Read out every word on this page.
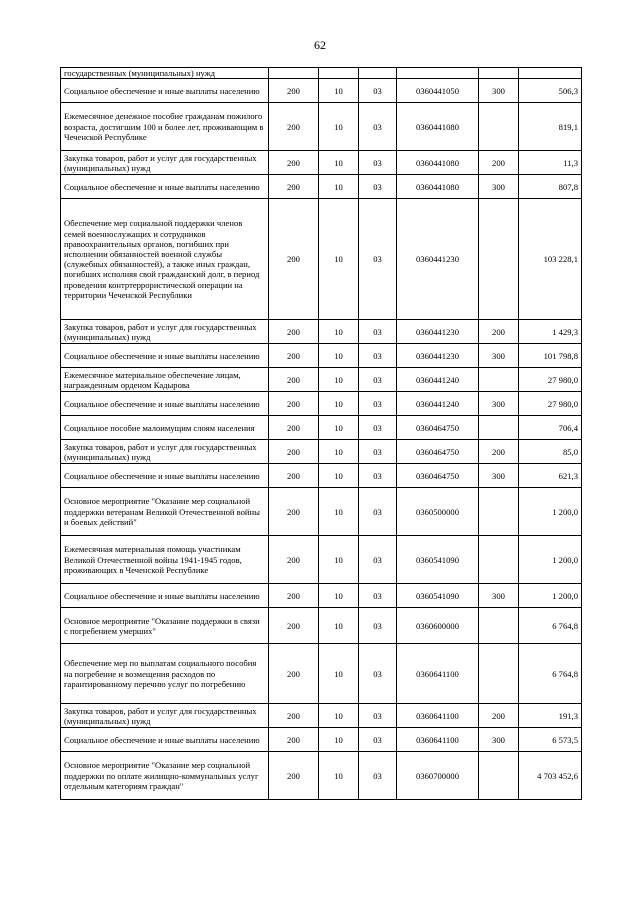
62
государственных (муниципальных) нужд						
Социальное обеспечение и иные выплаты населению	200	10	03	0360441050	300	506,3
Ежемесячное денежное пособие гражданам пожилого возраста, достигшим 100 и более лет, проживающим в Чеченской Республике	200	10	03	0360441080		819,1
Закупка товаров, работ и услуг для государственных (муниципальных) нужд	200	10	03	0360441080	200	11,3
Социальное обеспечение и иные выплаты населению	200	10	03	0360441080	300	807,8
Обеспечение мер социальной поддержки членов семей военнослужащих и сотрудников правоохранительных органов, погибших при исполнении обязанностей военной службы (служебных обязанностей), а также иных граждан, погибших исполняя свой гражданский долг, в период проведения контртеррористической операции на территории Чеченской Республики	200	10	03	0360441230		103 228,1
Закупка товаров, работ и услуг для государственных (муниципальных) нужд	200	10	03	0360441230	200	1 429,3
Социальное обеспечение и иные выплаты населению	200	10	03	0360441230	300	101 798,8
Ежемесячное материальное обеспечение лицам, награжденным орденом Кадырова	200	10	03	0360441240		27 980,0
Социальное обеспечение и иные выплаты населению	200	10	03	0360441240	300	27 980,0
Социальное пособие малоимущим слоям населения	200	10	03	0360464750		706,4
Закупка товаров, работ и услуг для государственных (муниципальных) нужд	200	10	03	0360464750	200	85,0
Социальное обеспечение и иные выплаты населению	200	10	03	0360464750	300	621,3
Основное мероприятие "Оказание мер социальной поддержки ветеранам Великой Отечественной войны и боевых действий"	200	10	03	0360500000		1 200,0
Ежемесячная материальная помощь участникам Великой Отечественной войны 1941-1945 годов, проживающих в Чеченской Республике	200	10	03	0360541090		1 200,0
Социальное обеспечение и иные выплаты населению	200	10	03	0360541090	300	1 200,0
Основное мероприятие "Оказание поддержки в связи с погребением умерших"	200	10	03	0360600000		6 764,8
Обеспечение мер по выплатам социального пособия на погребение и возмещения расходов по гарантированному перечню услуг по погребению	200	10	03	0360641100		6 764,8
Закупка товаров, работ и услуг для государственных (муниципальных) нужд	200	10	03	0360641100	200	191,3
Социальное обеспечение и иные выплаты населению	200	10	03	0360641100	300	6 573,5
Основное мероприятие "Оказание мер социальной поддержки по оплате жилищно-коммунальных услуг отдельным категориям граждан"	200	10	03	0360700000		4 703 452,6
